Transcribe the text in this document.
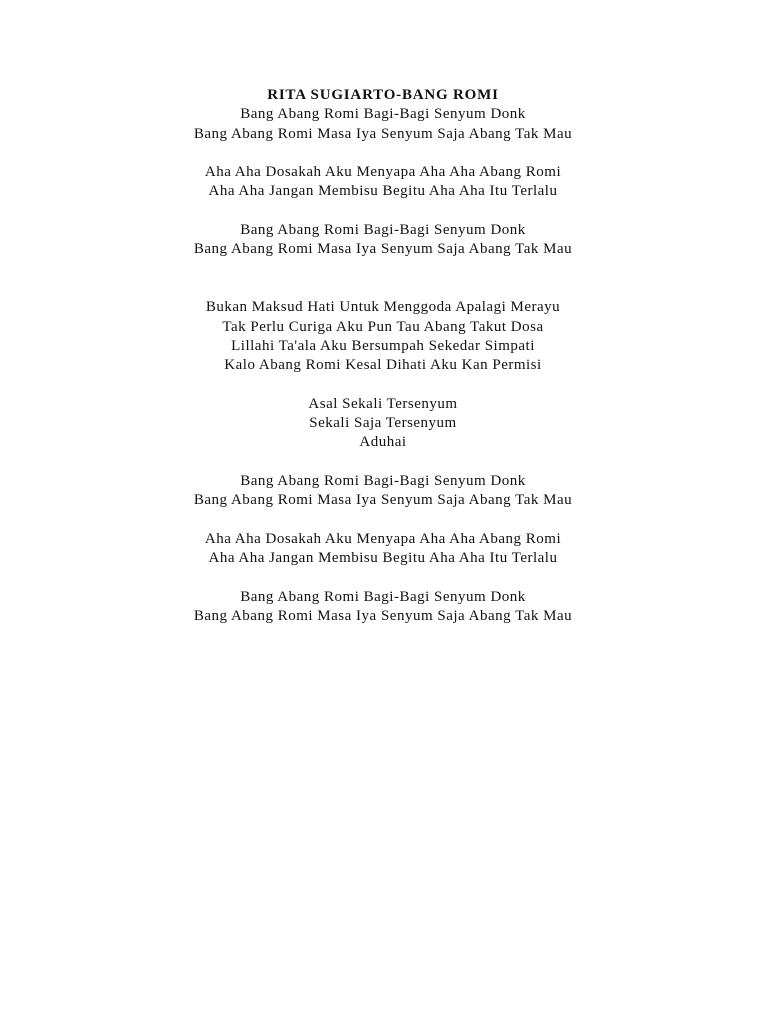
RITA SUGIARTO-BANG ROMI
Bang Abang Romi Bagi-Bagi Senyum Donk
Bang Abang Romi Masa Iya Senyum Saja Abang Tak Mau
Aha Aha Dosakah Aku Menyapa Aha Aha Abang Romi
Aha Aha Jangan Membisu Begitu Aha Aha Itu Terlalu
Bang Abang Romi Bagi-Bagi Senyum Donk
Bang Abang Romi Masa Iya Senyum Saja Abang Tak Mau
Bukan Maksud Hati Untuk Menggoda Apalagi Merayu
Tak Perlu Curiga Aku Pun Tau Abang Takut Dosa
Lillahi Ta'ala Aku Bersumpah Sekedar Simpati
Kalo Abang Romi Kesal Dihati Aku Kan Permisi
Asal Sekali Tersenyum
Sekali Saja Tersenyum
Aduhai
Bang Abang Romi Bagi-Bagi Senyum Donk
Bang Abang Romi Masa Iya Senyum Saja Abang Tak Mau
Aha Aha Dosakah Aku Menyapa Aha Aha Abang Romi
Aha Aha Jangan Membisu Begitu Aha Aha Itu Terlalu
Bang Abang Romi Bagi-Bagi Senyum Donk
Bang Abang Romi Masa Iya Senyum Saja Abang Tak Mau
